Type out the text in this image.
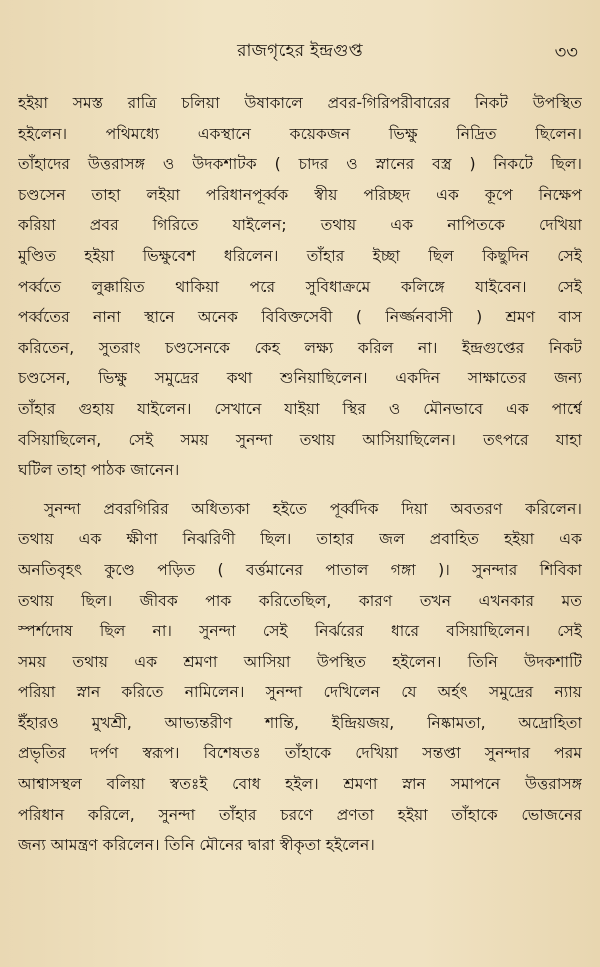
রাজগৃহের ইন্দ্রগুপ্ত	৩৩
হইয়া সমস্ত রাত্রি চলিয়া উষাকালে প্রবর-গিরিপরীবারের নিকট উপস্থিত
হইলেন। পথিমধ্যে একস্থানে কয়েকজন ভিক্ষু নিদ্রিত ছিলেন।
তাঁহাদের উত্তরাসঙ্গ ও উদকশাটক ( চাদর ও স্নানের বস্ত্র ) নিকটে ছিল।
চণ্ডসেন তাহা লইয়া পরিধানপূর্ব্বক স্বীয় পরিচ্ছদ এক কূপে নিক্ষেপ
করিয়া প্রবর গিরিতে যাইলেন; তথায় এক নাপিতকে দেখিয়া
মুণ্ডিত হইয়া ভিক্ষুবেশ ধরিলেন। তাঁহার ইচ্ছা ছিল কিছুদিন সেই
পর্ব্বতে লুক্কায়িত থাকিয়া পরে সুবিধাক্রমে কলিঙ্গে যাইবেন। সেই
পর্ব্বতের নানা স্থানে অনেক বিবিক্তসেবী ( নির্জ্জনবাসী ) শ্রমণ বাস
করিতেন, সুতরাং চণ্ডসেনকে কেহ লক্ষ্য করিল না। ইন্দ্রগুপ্তের নিকট
চণ্ডসেন, ভিক্ষু সমুদ্রের কথা শুনিয়াছিলেন। একদিন সাক্ষাতের জন্য
তাঁহার গুহায় যাইলেন। সেখানে যাইয়া স্থির ও মৌনভাবে এক পার্শ্বে
বসিয়াছিলেন, সেই সময় সুনন্দা তথায় আসিয়াছিলেন। তৎপরে যাহা
ঘটিল তাহা পাঠক জানেন।
সুনন্দা প্রবরগিরির অধিত্যকা হইতে পূর্ব্বদিক দিয়া অবতরণ করিলেন।
তথায় এক ক্ষীণা নিঝরিণী ছিল। তাহার জল প্রবাহিত হইয়া এক
অনতিবৃহৎ কুণ্ডে পড়িত ( বর্ত্তমানের পাতাল গঙ্গা )। সুনন্দার শিবিকা
তথায় ছিল। জীবক পাক করিতেছিল, কারণ তখন এখনকার মত
স্পর্শদোষ ছিল না। সুনন্দা সেই নির্ঝরের ধারে বসিয়াছিলেন। সেই
সময় তথায় এক শ্রমণা আসিয়া উপস্থিত হইলেন। তিনি উদকশাটি
পরিয়া স্নান করিতে নামিলেন। সুনন্দা দেখিলেন যে অর্হৎ সমুদ্রের ন্যায়
ইঁহারও মুখশ্রী, আভ্যন্তরীণ শান্তি, ইন্দ্রিয়জয়, নিষ্কামতা, অদ্রোহিতা
প্রভৃতির দর্পণ স্বরূপ। বিশেষতঃ তাঁহাকে দেখিয়া সন্তপ্তা সুনন্দার পরম
আশ্বাসস্থল বলিয়া স্বতঃই বোধ হইল। শ্রমণা স্নান সমাপনে উত্তরাসঙ্গ
পরিধান করিলে, সুনন্দা তাঁহার চরণে প্রণতা হইয়া তাঁহাকে ভোজনের
জন্য আমন্ত্রণ করিলেন। তিনি মৌনের দ্বারা স্বীকৃতা হইলেন।
